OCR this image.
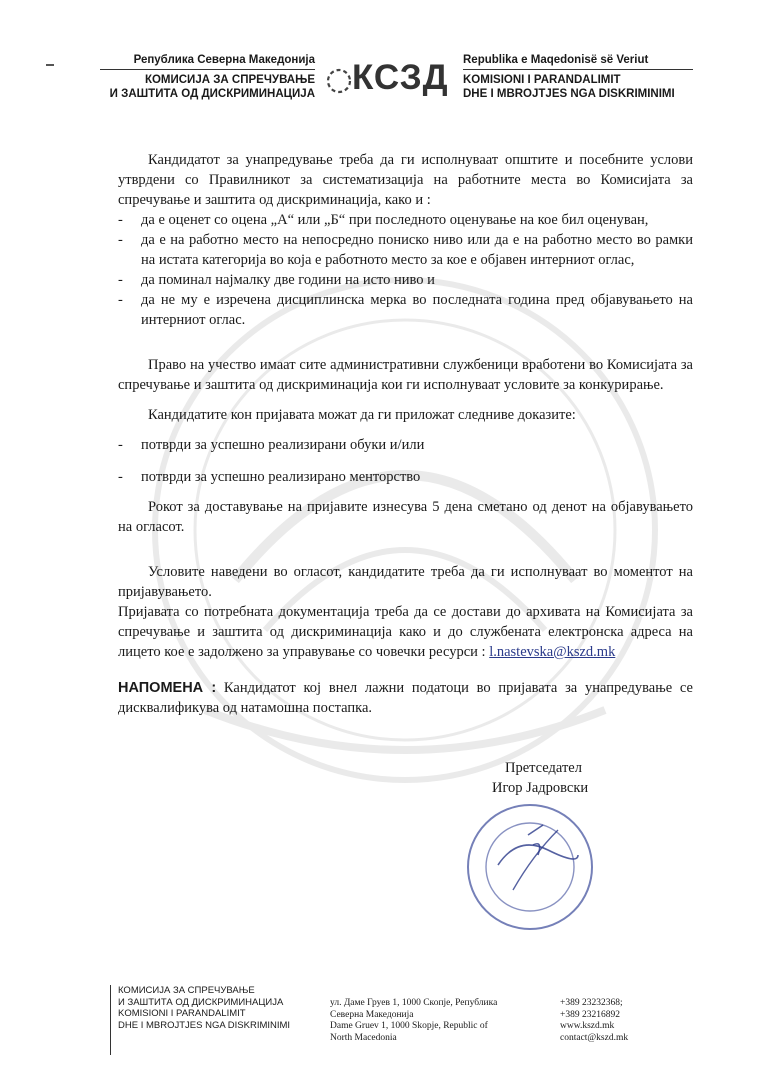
Република Северна Македонија
КОМИСИЈА ЗА СПРЕЧУВАЊЕ
И ЗАШТИТА ОД ДИСКРИМИНАЦИЈА КСЗД Republika e Maqedonisë së Veriut
KOMISIONI I PARANDALIMIT
DHE I MBROJTJES NGA DISKRIMINIMI

Кандидатот за унапредување треба да ги исполнуваат општите и посебните услови утврдени со Правилникот за систематизација на работните места во Комисијата за спречување и заштита од дискриминација, како и :

- да е оценет со оцена „А“ или „Б“ при последното оценување на кое бил оценуван,
- да е на работно место на непосредно пониско ниво или да е на работно место во рамки на истата категорија во која е работното место за кое е објавен интерниот оглас,
- да поминал најмалку две години на исто ниво и
- да не му е изречена дисциплинска мерка во последната година пред објавувањето на интерниот оглас.

Право на учество имаат сите административни службеници вработени во Комисијата за спречување и заштита од дискриминација кои ги исполнуваат условите за конкурирање.

Кандидатите кон пријавата можат да ги приложат следниве доказите:

- потврди за успешно реализирани обуки и/или
- потврди за успешно реализирано менторство

Рокот за доставување на пријавите изнесува 5 дена сметано од денот на објавувањето на огласот.

Условите наведени во огласот, кандидатите треба да ги исполнуваат во моментот на пријавувањето.

Пријавата со потребната документација треба да се достави до архивата на Комисијата за спречување и заштита од дискриминација како и до службената електронска адреса на лицето кое е задолжено за управување со човечки ресурси : l.nastevska@kszd.mk

НАПОМЕНА : Кандидатот кој внел лажни податоци во пријавата за унапредување се дисквалификува од натамошна постапка.

Претседател
Игор Јадровски
КОМИСИЈА ЗА СПРЕЧУВАЊЕ
И ЗАШТИТА ОД ДИСКРИМИНАЦИЈА
KOMISIONI I PARANDALIMIT
DHE I MBROJTJES NGA DISKRIMINIMI
ул. Даме Груев 1, 1000 Скопје, Република
Северна Македонија
Dame Gruev 1, 1000 Skopje, Republic of
North Macedonia
+389 23232368;
+389 23216892
www.kszd.mk
contact@kszd.mk
